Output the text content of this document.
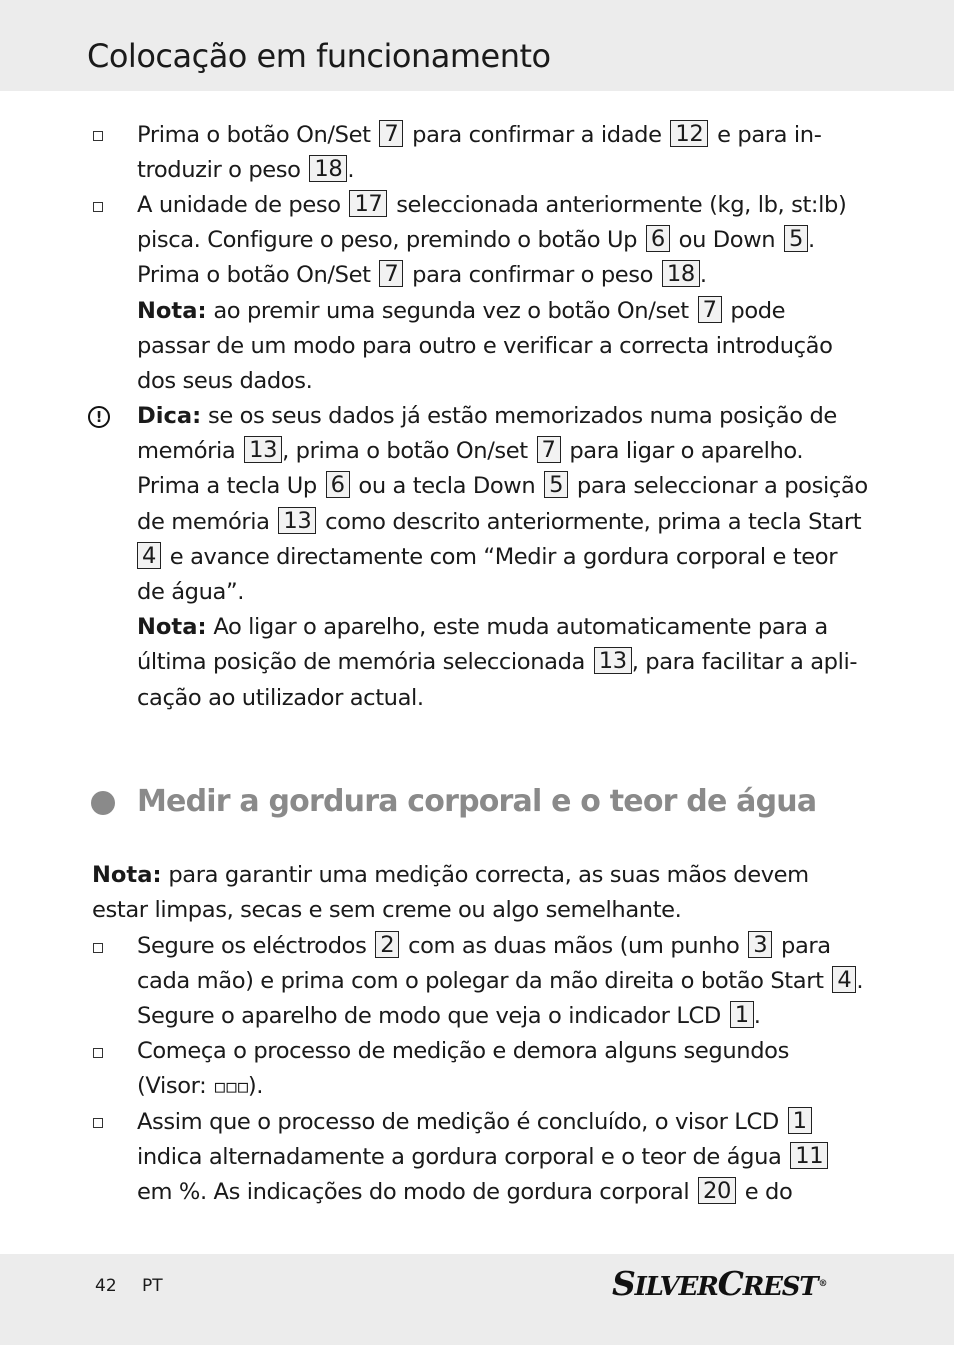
Colocação em funcionamento
Prima o botão On/Set 7 para confirmar a idade 12 e para in-
troduzir o peso 18 .
A unidade de peso 17 seleccionada anteriormente (kg, lb, st:lb)
pisca. Configure o peso, premindo o botão Up 6 ou Down 5 .
Prima o botão On/Set 7 para confirmar o peso 18 .
Nota: ao premir uma segunda vez o botão On/set 7 pode
passar de um modo para outro e verificar a correcta introdução
dos seus dados.
!	Dica: se os seus dados já estão memorizados numa posição de
memória 13 , prima o botão On/set 7 para ligar o aparelho.
Prima a tecla Up 6 ou a tecla Down 5 para seleccionar a posição
de memória 13 como descrito anteriormente, prima a tecla Start
4 e avance directamente com “Medir a gordura corporal e teor
de água”.
Nota: Ao ligar o aparelho, este muda automaticamente para a
última posição de memória seleccionada 13 , para facilitar a apli-
cação ao utilizador actual.
Medir a gordura corporal e o teor de água
Nota: para garantir uma medição correcta, as suas mãos devem
estar limpas, secas e sem creme ou algo semelhante.
Segure os eléctrodos 2 com as duas mãos (um punho 3 para
cada mão) e prima com o polegar da mão direita o botão Start 4 .
Segure o aparelho de modo que veja o indicador LCD 1 .
Começa o processo de medição e demora alguns segundos
(Visor: ▫▫▫).
Assim que o processo de medição é concluído, o visor LCD 1
indica alternadamente a gordura corporal e o teor de água 11
em %. As indicações do modo de gordura corporal 20 e do
42 PT	SILVERCREST®
